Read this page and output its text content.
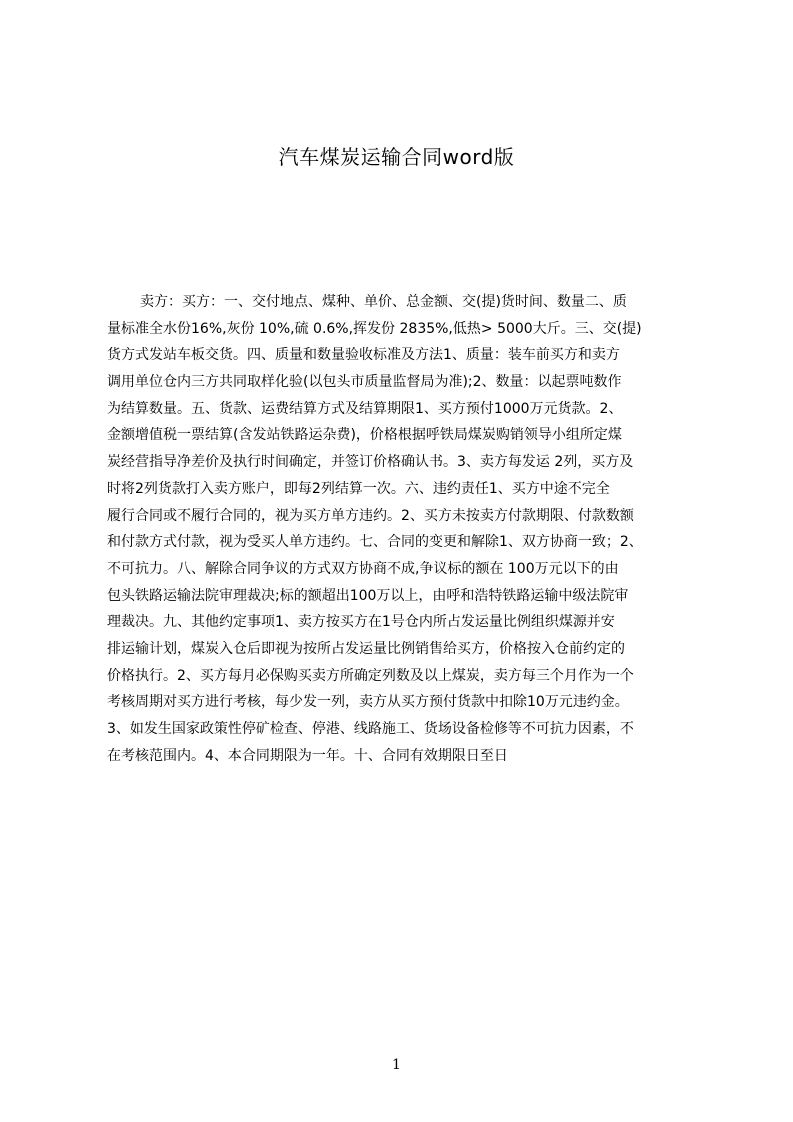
汽车煤炭运输合同word版
卖方：买方：一、交付地点、煤种、单价、总金额、交(提)货时间、数量二、质
量标准全水份16%,灰份 10%,硫 0.6%,挥发份 2835%,低热> 5000大斤。三、交(提)
货方式发站车板交货。四、质量和数量验收标准及方法1、质量：装车前买方和卖方
调用单位仓内三方共同取样化验(以包头市质量监督局为准);2、数量：以起票吨数作
为结算数量。五、货款、运费结算方式及结算期限1、买方预付1000万元货款。2、
金额增值税一票结算(含发站铁路运杂费)，价格根据呼铁局煤炭购销领导小组所定煤
炭经营指导净差价及执行时间确定，并签订价格确认书。3、卖方每发运 2列，买方及
时将2列货款打入卖方账户，即每2列结算一次。六、违约责任1、买方中途不完全
履行合同或不履行合同的，视为买方单方违约。2、买方未按卖方付款期限、付款数额
和付款方式付款，视为受买人单方违约。七、合同的变更和解除1、双方协商一致；2、
不可抗力。八、解除合同争议的方式双方协商不成,争议标的额在 100万元以下的由
包头铁路运输法院审理裁决;标的额超出100万以上，由呼和浩特铁路运输中级法院审
理裁决。九、其他约定事项1、卖方按买方在1号仓内所占发运量比例组织煤源并安
排运输计划，煤炭入仓后即视为按所占发运量比例销售给买方，价格按入仓前约定的
价格执行。2、买方每月必保购买卖方所确定列数及以上煤炭，卖方每三个月作为一个
考核周期对买方进行考核，每少发一列，卖方从买方预付货款中扣除10万元违约金。
3、如发生国家政策性停矿检查、停港、线路施工、货场设备检修等不可抗力因素，不
在考核范围内。4、本合同期限为一年。十、合同有效期限日至日
1
